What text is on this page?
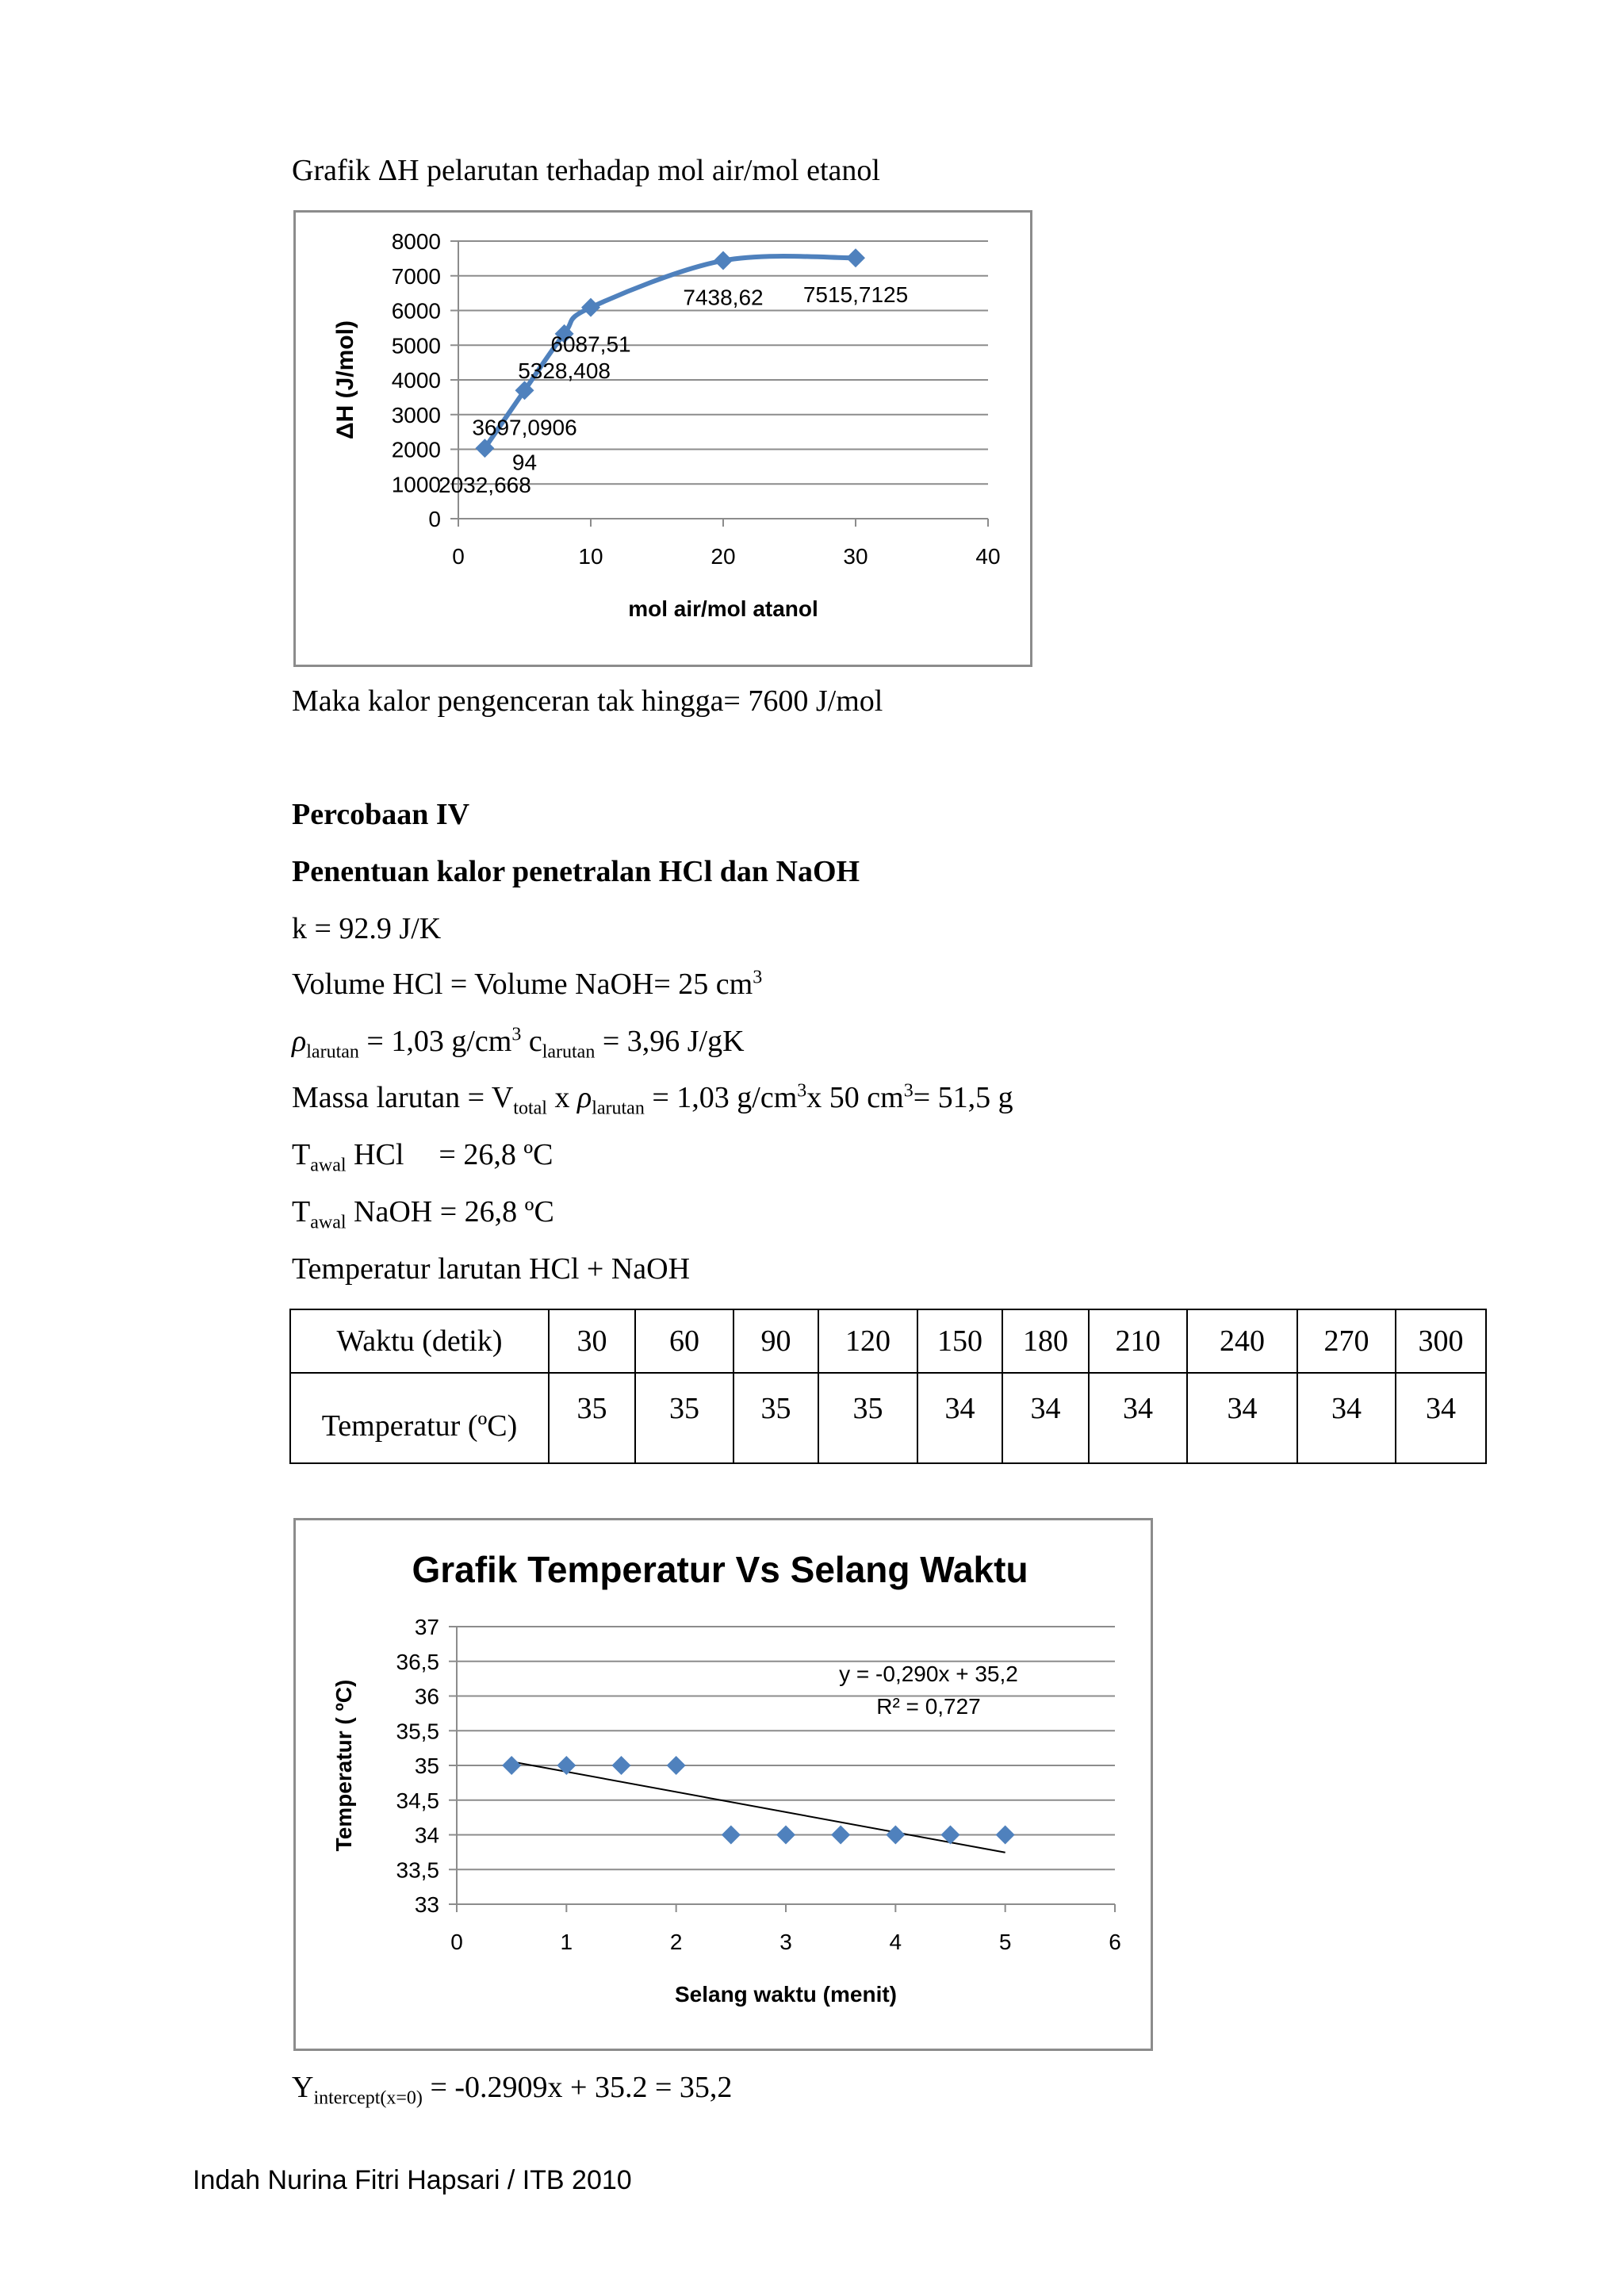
Grafik ΔH pelarutan terhadap mol air/mol etanol
0
1000
2000
3000
4000
5000
6000
7000
8000
0	10	20	30	40
2032,668
3697,0906 94
5328,408
6087,51
7438,62 7515,7125
mol air/mol atanol
ΔH (J/mol)
Maka kalor pengenceran tak hingga= 7600 J/mol
Percobaan IV
Penentuan kalor penetralan HCl dan NaOH
k = 92.9 J/K
Volume HCl = Volume NaOH= 25 $cm^3$
$\rho_{larutan} = 1,03$ $g/cm^3$ $c_{larutan} = 3,96$ J/gK
Massa larutan = $V_{total}$ x $\rho_{larutan} = 1,03$ $g/cm^3x$ 50 $cm^3= 51,5$ g
$T_{awal}$ HCl = 26,8 ºC
$T_{awal}$ NaOH = 26,8 ºC
Temperatur larutan HCl + NaOH
Waktu (detik)	30	60	90	120	150	180	210	240	270	300
Temperatur (ºC)	35	35	35	35	34	34	34	34	34	34
Grafik Temperatur Vs Selang Waktu
33
33,5
34
34,5
35
35,5
36
36,5
37
0	1	2	3	4	5	6
y = -0,290x + 35,2
R² = 0,727
Selang waktu (menit)
Temperatur ( ºC)
$Y_{intercept(x=0)} = -0.2909x + 35.2 = 35,2$
Indah Nurina Fitri Hapsari / ITB 2010
